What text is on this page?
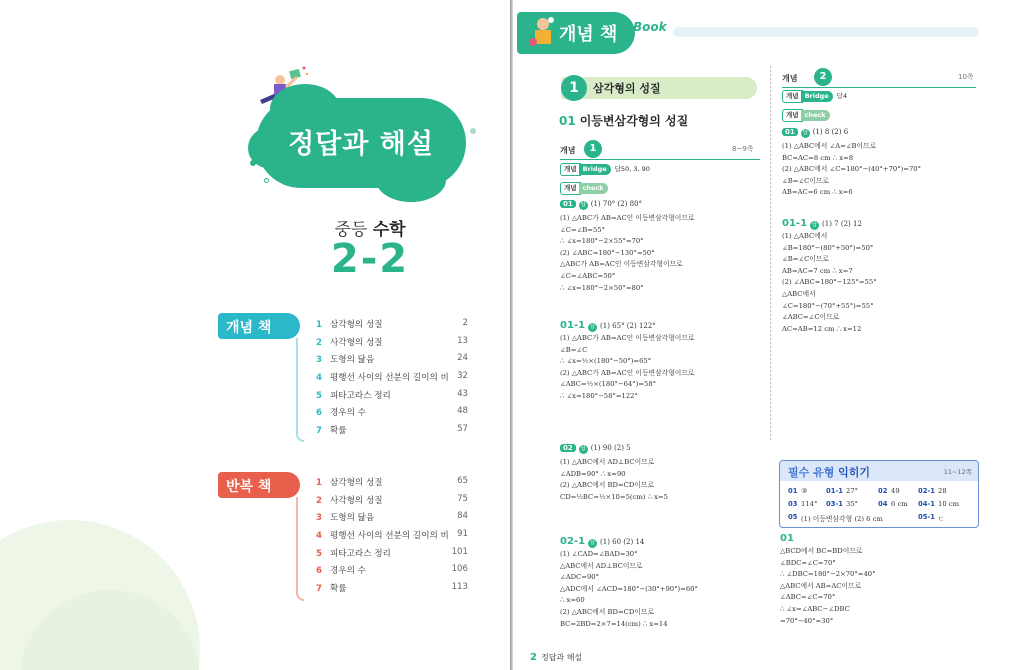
정답과 해설
중등 수학
2-2
개념 책Book
1 삼각형의 성질	2
2 사각형의 성질	13
3 도형의 닮음	24
4 평행선 사이의 선분의 길이의 비 32
5 피타고라스 정리	43
6 경우의 수	48
7 확률	57
반복 책Check
1 삼각형의 성질	65
2 사각형의 성질	75
3 도형의 닮음	84
4 평행선 사이의 선분의 길이의 비 91
5 피타고라스 정리	101
6 경우의 수	106
7 확률	113
개념 책 Book
1	삼각형의 성질
01 이등변삼각형의 성질
01 답 (1) 70° (2) 80°
(1) △ABC가 AB=AC인 이등변삼각형이므로
∠C=∠B=55°
∴ ∠x=180°−2×55°=70°
(2) ∠ABC=180°−130°=50°
△ABC가 AB=AC인 이등변삼각형이므로
∠C=∠ABC=50°
∴ ∠x=180°−2×50°=80°
01-1 답 (1) 65° (2) 122°
(1) △ABC가 AB=AC인 이등변삼각형이므로
∠B=∠C
∴ ∠x=½×(180°−50°)=65°
(2) △ABC가 AB=AC인 이등변삼각형이므로
∠ABC=½×(180°−64°)=58°
∴ ∠x=180°−58°=122°
02 답 (1) 90 (2) 5
(1) △ABC에서 AD⊥BC이므로
∠ADB=90° ∴ x=90
(2) △ABC에서 BD=CD이므로
CD=½BC=½×10=5(cm) ∴ x=5
02-1 답 (1) 60 (2) 14
(1) ∠CAD=∠BAD=30°
△ABC에서 AD⊥BC이므로
∠ADC=90°
△ADC에서 ∠ACD=180°−(30°+90°)=60°
∴ x=60
(2) △ABC에서 BD=CD이므로
BC=2BD=2×7=14(cm) ∴ x=14
01 답 (1) 8 (2) 6
(1) △ABC에서 ∠A=∠B이므로
BC=AC=8 cm ∴ x=8
(2) △ABC에서 ∠C=180°−(40°+70°)=70°
∠B=∠C이므로
AB=AC=6 cm ∴ x=6
01-1 답 (1) 7 (2) 12
(1) △ABC에서
∠B=180°−(80°+50°)=50°
∠B=∠C이므로
AB=AC=7 cm ∴ x=7
(2) ∠ABC=180°−125°=55°
△ABC에서
∠C=180°−(70°+55°)=55°
∠ABC=∠C이므로
AC=AB=12 cm ∴ x=12
개념	1	8~9쪽
개념 Bridge 답50, 3, 90
개념 check
개념	2	10쪽
개념 Bridge 답4
개념 check
필수 유형 익히기	11~12쪽
01 ③	01-1 27°	02 49	02-1 28
03 114° 03-1 35°	04 6 cm 04-1 10 cm
05 (1) 이등변삼각형 (2) 6 cm	05-1 ㄷ
01
△BCD에서 BC=BD이므로
∠BDC=∠C=70°
∴ ∠DBC=180°−2×70°=40°
△ABC에서 AB=AC이므로
∠ABC=∠C=70°
∴ ∠x=∠ABC−∠DBC
=70°−40°=30°
2 정답과 해설
